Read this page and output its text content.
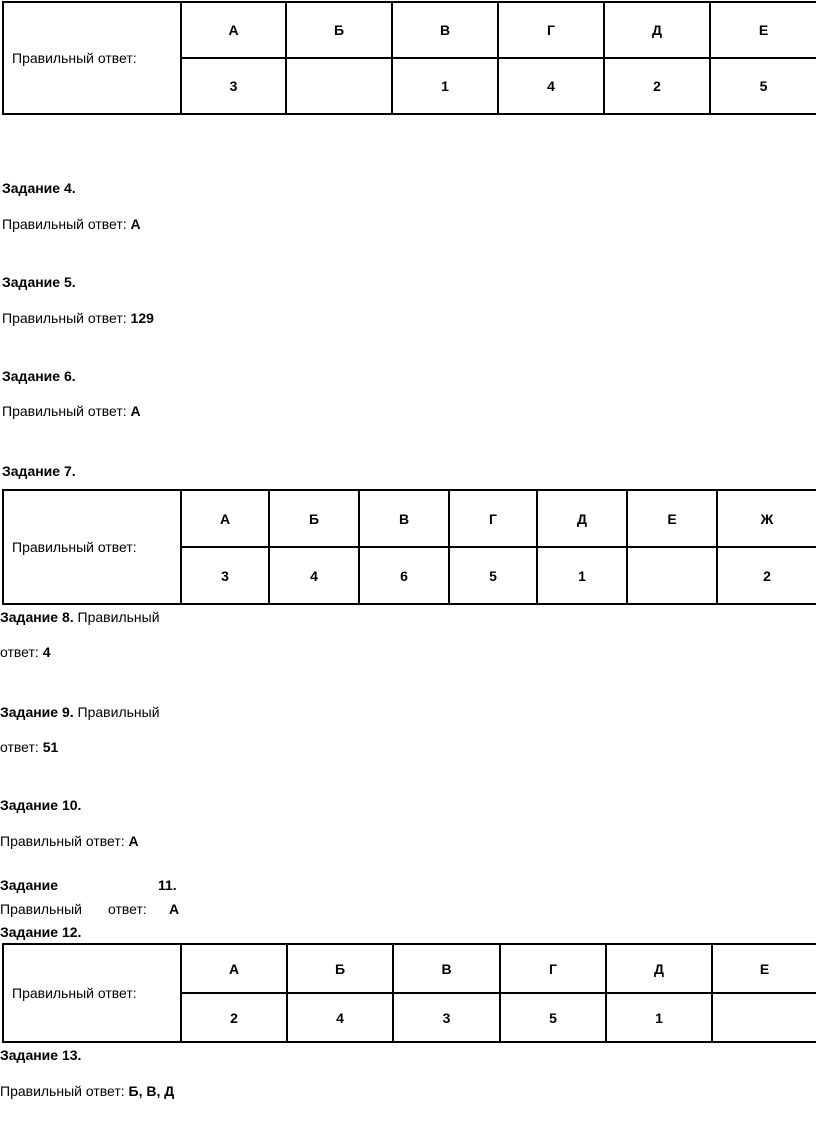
Правильный ответ:	А	Б	В	Г	Д	Е
	3		1	4	2	5
Задание 4.
Правильный ответ: А
Задание 5.
Правильный ответ: 129
Задание 6.
Правильный ответ: А
Задание 7.
Правильный ответ:	А	Б	В	Г	Д	Е	Ж
	3	4	6	5	1		2
Задание 8. Правильный
ответ: 4
Задание 9. Правильный
ответ: 51
Задание 10.
Правильный ответ: А
Задание	11.
Правильный ответ: А
Задание 12.
Правильный ответ:	А	Б	В	Г	Д	Е
	2	4	3	5	1	
Задание 13.
Правильный ответ: Б, В, Д
